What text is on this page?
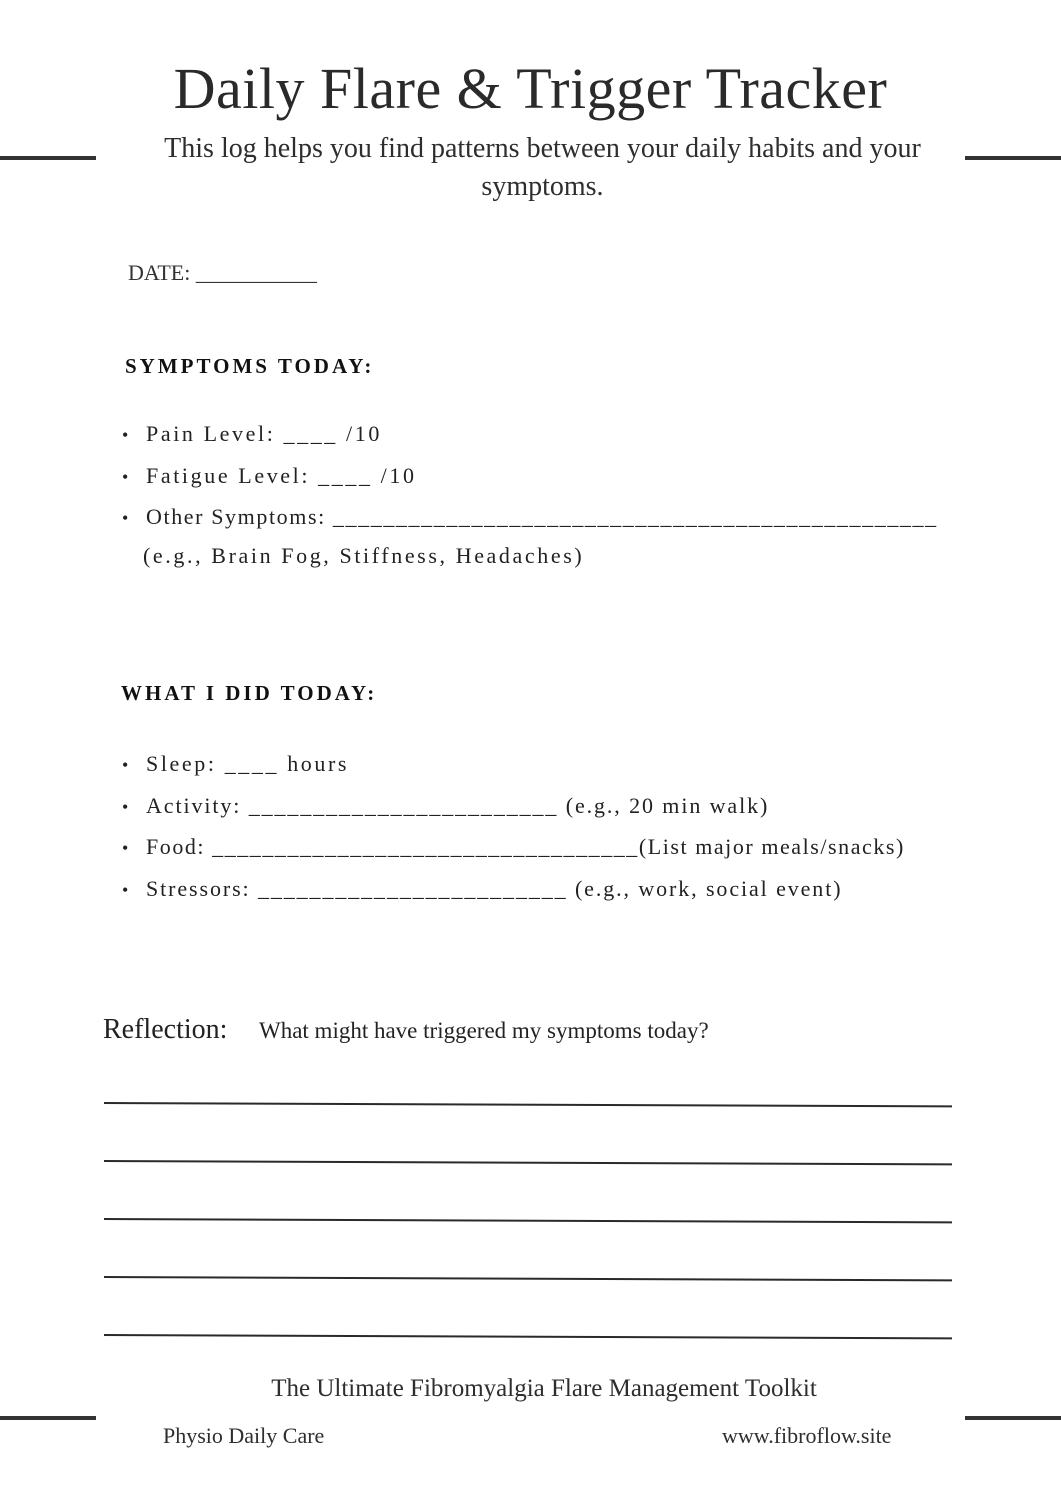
Daily Flare & Trigger Tracker
This log helps you find patterns between your daily habits and your symptoms.
DATE: ___________
SYMPTOMS TODAY:
• Pain Level: ____ /10
• Fatigue Level: ____ /10
• Other Symptoms: ________________________________________________
(e.g., Brain Fog, Stiffness, Headaches)
WHAT I DID TODAY:
• Sleep: ____ hours
• Activity: ________________________ (e.g., 20 min walk)
• Food: __________________________________(List major meals/snacks)
• Stressors: ________________________ (e.g., work, social event)
Reflection: What might have triggered my symptoms today?
The Ultimate Fibromyalgia Flare Management Toolkit
Physio Daily Care	www.fibroflow.site
